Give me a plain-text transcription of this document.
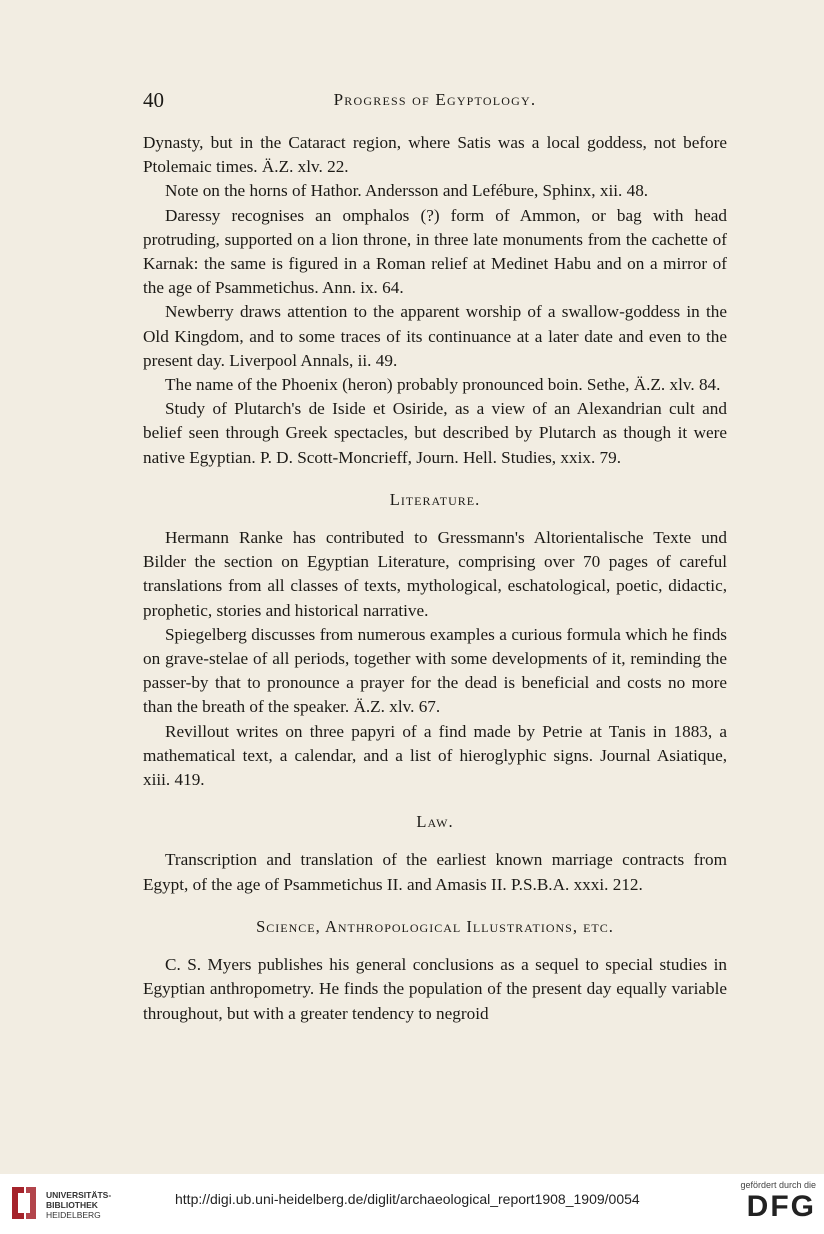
40	Progress of Egyptology.

Dynasty, but in the Cataract region, where Satis was a local goddess, not before Ptolemaic times. Ä.Z. xlv. 22.

Note on the horns of Hathor. Andersson and Lefébure, Sphinx, xii. 48.

Daressy recognises an omphalos (?) form of Ammon, or bag with head protruding, supported on a lion throne, in three late monuments from the cachette of Karnak: the same is figured in a Roman relief at Medinet Habu and on a mirror of the age of Psammetichus. Ann. ix. 64.

Newberry draws attention to the apparent worship of a swallow-goddess in the Old Kingdom, and to some traces of its continuance at a later date and even to the present day. Liverpool Annals, ii. 49.

The name of the Phoenix (heron) probably pronounced boin. Sethe, Ä.Z. xlv. 84.

Study of Plutarch's de Iside et Osiride, as a view of an Alexandrian cult and belief seen through Greek spectacles, but described by Plutarch as though it were native Egyptian. P. D. Scott-Moncrieff, Journ. Hell. Studies, xxix. 79.

Literature.

Hermann Ranke has contributed to Gressmann's Altorientalische Texte und Bilder the section on Egyptian Literature, comprising over 70 pages of careful translations from all classes of texts, mythological, eschatological, poetic, didactic, prophetic, stories and historical narrative.

Spiegelberg discusses from numerous examples a curious formula which he finds on grave-stelae of all periods, together with some developments of it, reminding the passer-by that to pronounce a prayer for the dead is beneficial and costs no more than the breath of the speaker. Ä.Z. xlv. 67.

Revillout writes on three papyri of a find made by Petrie at Tanis in 1883, a mathematical text, a calendar, and a list of hieroglyphic signs. Journal Asiatique, xiii. 419.

Law.

Transcription and translation of the earliest known marriage contracts from Egypt, of the age of Psammetichus II. and Amasis II. P.S.B.A. xxxi. 212.

Science, Anthropological Illustrations, etc.

C. S. Myers publishes his general conclusions as a sequel to special studies in Egyptian anthropometry. He finds the population of the present day equally variable throughout, but with a greater tendency to negroid

UNIVERSITÄTS-
BIBLIOTHEK
HEIDELBERG
http://digi.ub.uni-heidelberg.de/diglit/archaeological_report1908_1909/0054
gefördert durch die
DFG
